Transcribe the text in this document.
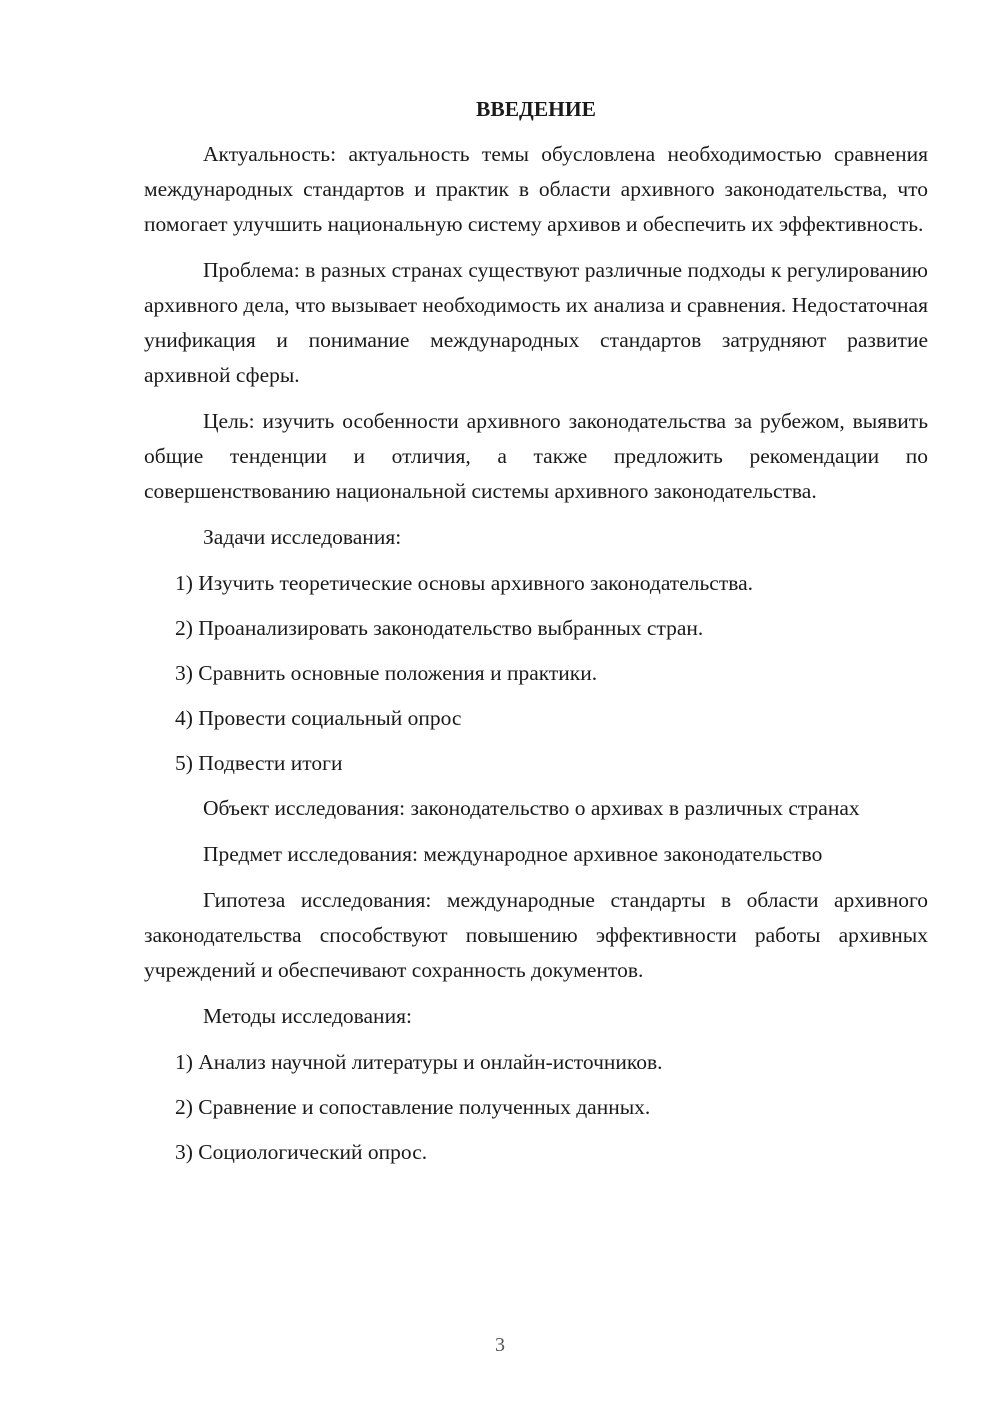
ВВЕДЕНИЕ

Актуальность: актуальность темы обусловлена необходимостью сравнения международных стандартов и практик в области архивного законодательства, что помогает улучшить национальную систему архивов и обеспечить их эффективность.

Проблема: в разных странах существуют различные подходы к регулированию архивного дела, что вызывает необходимость их анализа и сравнения. Недостаточная унификация и понимание международных стандартов затрудняют развитие архивной сферы.

Цель: изучить особенности архивного законодательства за рубежом, выявить общие тенденции и отличия, а также предложить рекомендации по совершенствованию национальной системы архивного законодательства.

Задачи исследования:

1) Изучить теоретические основы архивного законодательства.
2) Проанализировать законодательство выбранных стран.
3) Сравнить основные положения и практики.
4) Провести социальный опрос
5) Подвести итоги

Объект исследования: законодательство о архивах в различных странах

Предмет исследования: международное архивное законодательство

Гипотеза исследования: международные стандарты в области архивного законодательства способствуют повышению эффективности работы архивных учреждений и обеспечивают сохранность документов.

Методы исследования:

1) Анализ научной литературы и онлайн-источников.
2) Сравнение и сопоставление полученных данных.
3) Социологический опрос.
3
